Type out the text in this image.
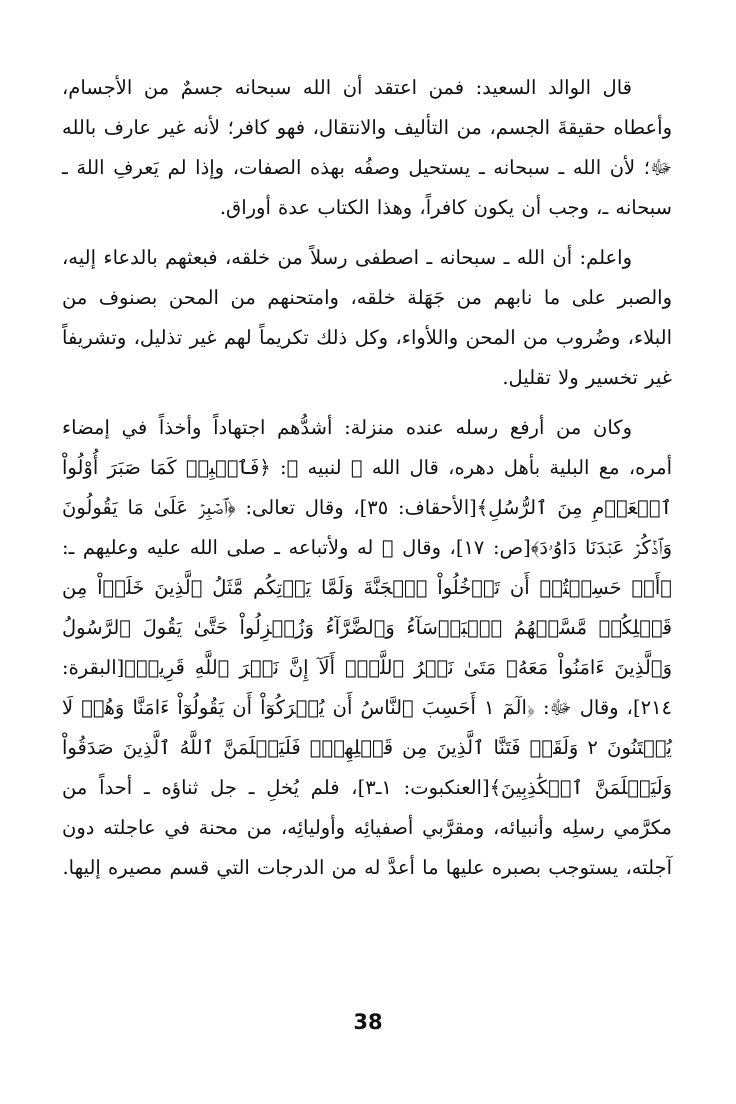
قال الوالد السعيد: فمن اعتقد أن الله سبحانه جسمٌ من الأجسام، وأعطاه حقيقةَ الجسم، من التأليف والانتقال، فهو كافر؛ لأنه غير عارف بالله ﷻ؛ لأن الله ـ سبحانه ـ يستحيل وصفُه بهذه الصفات، وإذا لم يَعرفِ اللهَ ـ سبحانه ـ، وجب أن يكون كافراً، وهذا الكتاب عدة أوراق.

واعلم: أن الله ـ سبحانه ـ اصطفى رسلاً من خلقه، فبعثهم بالدعاء إليه، والصبر على ما نابهم من جَهَلة خلقه، وامتحنهم من المحن بصنوف من البلاء، وضُروب من المحن واللأواء، وكل ذلك تكريماً لهم غير تذليل، وتشريفاً غير تخسير ولا تقليل.

وكان من أرفع رسله عنده منزلة: أشدُّهم اجتهاداً وأخذاً في إمضاء أمره، مع البلية بأهل دهره، قال الله ﷻ لنبيه ﷺ: ﴿فَٱصۡبِرۡ كَمَا صَبَرَ أُوْلُواْ ٱلۡعَزۡمِ مِنَ ٱلرُّسُلِ﴾[الأحقاف: ٣٥]، وقال تعالى: ﴿ٱصۡبِرۡ عَلَىٰ مَا يَقُولُونَ وَٱذۡكُرۡ عَبۡدَنَا دَاوُۥدَ﴾[ص: ١٧]، وقال ﷻ له ولأتباعه ـ صلى الله عليه وعليهم ـ: ﴿أَمۡ حَسِبۡتُمۡ أَن تَدۡخُلُواْ ٱلۡجَنَّةَ وَلَمَّا يَأۡتِكُم مَّثَلُ ٱلَّذِينَ خَلَوۡاْ مِن قَبۡلِكُمۖ مَّسَّتۡهُمُ ٱلۡبَأۡسَآءُ وَٱلضَّرَّآءُ وَزُلۡزِلُواْ حَتَّىٰ يَقُولَ ٱلرَّسُولُ وَٱلَّذِينَ ءَامَنُواْ مَعَهُۥ مَتَىٰ نَصۡرُ ٱللَّهِۗ أَلَآ إِنَّ نَصۡرَ ٱللَّهِ قَرِيبٞ﴾[البقرة: ٢١٤]، وقال ﷻ: ﴿الٓمٓ ١ أَحَسِبَ ٱلنَّاسُ أَن يُتۡرَكُوٓاْ أَن يَقُولُوٓاْ ءَامَنَّا وَهُمۡ لَا يُفۡتَنُونَ ٢ وَلَقَدۡ فَتَنَّا ٱلَّذِينَ مِن قَبۡلِهِمۡۖ فَلَيَعۡلَمَنَّ ٱللَّهُ ٱلَّذِينَ صَدَقُواْ وَلَيَعۡلَمَنَّ ٱلۡكَٰذِبِينَ﴾[العنكبوت: ١ـ٣]، فلم يُخلِ ـ جل ثناؤه ـ أحداً من مكرَّمي رسلِه وأنبيائه، ومقرَّبي أصفيائِه وأوليائِه، من محنة في عاجلته دون آجلته، يستوجب بصبره عليها ما أعدَّ له من الدرجات التي قسم مصيره إليها.

38
